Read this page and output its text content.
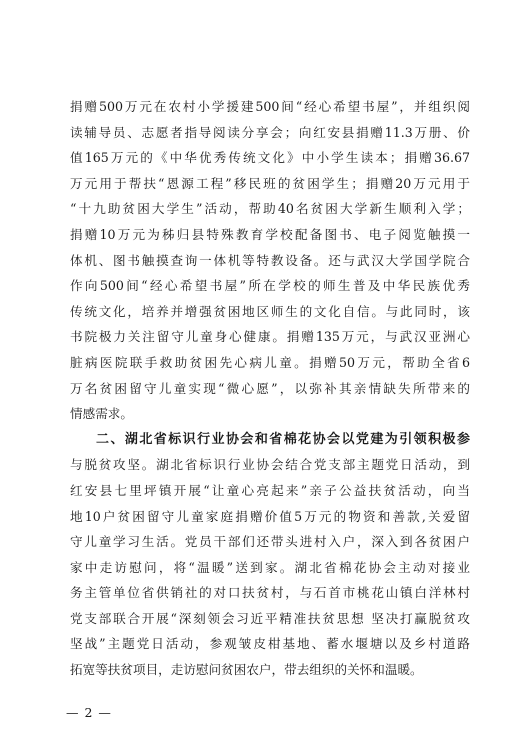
捐赠500万元在农村小学援建500间“经心希望书屋”，并组织阅
读辅导员、志愿者指导阅读分享会；向红安县捐赠11.3万册、价
值165万元的《中华优秀传统文化》中小学生读本；捐赠36.67
万元用于帮扶“恩源工程”移民班的贫困学生；捐赠20万元用于
“十九助贫困大学生”活动，帮助40名贫困大学新生顺利入学；
捐赠10万元为秭归县特殊教育学校配备图书、电子阅览触摸一
体机、图书触摸查询一体机等特教设备。还与武汉大学国学院合
作向500间“经心希望书屋”所在学校的师生普及中华民族优秀
传统文化，培养并增强贫困地区师生的文化自信。与此同时，该
书院极力关注留守儿童身心健康。捐赠135万元，与武汉亚洲心
脏病医院联手救助贫困先心病儿童。捐赠50万元，帮助全省6
万名贫困留守儿童实现“微心愿”，以弥补其亲情缺失所带来的
情感需求。
二、湖北省标识行业协会和省棉花协会以党建为引领积极参
与脱贫攻坚。湖北省标识行业协会结合党支部主题党日活动，到
红安县七里坪镇开展“让童心亮起来”亲子公益扶贫活动，向当
地10户贫困留守儿童家庭捐赠价值5万元的物资和善款,关爱留
守儿童学习生活。党员干部们还带头进村入户，深入到各贫困户
家中走访慰问，将“温暖”送到家。湖北省棉花协会主动对接业
务主管单位省供销社的对口扶贫村，与石首市桃花山镇白洋林村
党支部联合开展“深刻领会习近平精准扶贫思想 坚决打赢脱贫攻
坚战”主题党日活动，参观皱皮柑基地、蓄水堰塘以及乡村道路
拓宽等扶贫项目，走访慰问贫困农户，带去组织的关怀和温暖。
— 2 —
